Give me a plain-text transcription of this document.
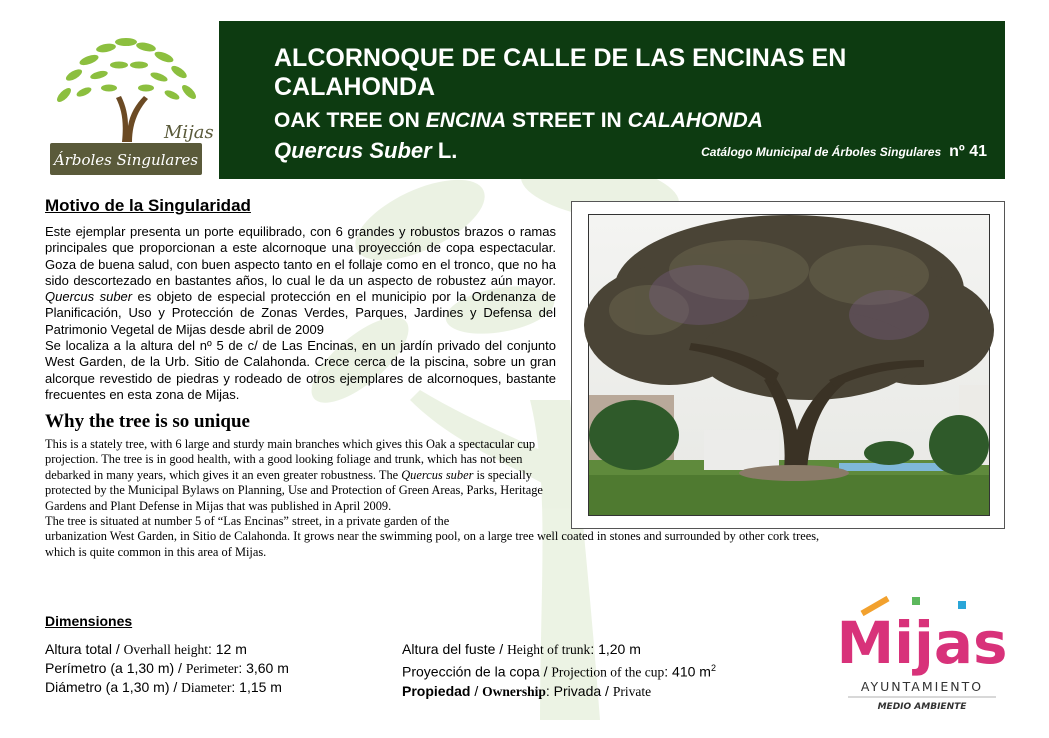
Mijas
Árboles Singulares
ALCORNOQUE DE CALLE DE LAS ENCINAS EN CALAHONDA
OAK TREE ON ENCINA STREET IN CALAHONDA
Quercus Suber L.	Catálogo Municipal de Árboles Singulares nº 41
Motivo de la Singularidad

Este ejemplar presenta un porte equilibrado, con 6 grandes y robustos brazos o ramas principales que proporcionan a este alcornoque una proyección de copa espectacular. Goza de buena salud, con buen aspecto tanto en el follaje como en el tronco, que no ha sido descortezado en bastantes años, lo cual le da un aspecto de robustez aún mayor. Quercus suber es objeto de especial protección en el municipio por la Ordenanza de Planificación, Uso y Protección de Zonas Verdes, Parques, Jardines y Defensa del Patrimonio Vegetal de Mijas desde abril de 2009

Se localiza a la altura del nº 5 de c/ de Las Encinas, en un jardín privado del conjunto West Garden, de la Urb. Sitio de Calahonda. Crece cerca de la piscina, sobre un gran alcorque revestido de piedras y rodeado de otros ejemplares de alcornoques, bastante frecuentes en esta zona de Mijas.

Why the tree is so unique

This is a stately tree, with 6 large and sturdy main branches which gives this Oak a spectacular cup projection. The tree is in good health, with a good looking foliage and trunk, which has not been debarked in many years, which gives it an even greater robustness. The Quercus suber is specially protected by the Municipal Bylaws on Planning, Use and Protection of Green Areas, Parks, Heritage Gardens and Plant Defense in Mijas that was published in April 2009.

The tree is situated at number 5 of “Las Encinas” street, in a private garden of the
urbanization West Garden, in Sitio de Calahonda. It grows near the swimming pool, on a large tree well coated in stones and surrounded by other cork trees, which is quite common in this area of Mijas.

Dimensiones
Altura total / Overhall height: 12 m
Perímetro (a 1,30 m) / Perimeter: 3,60 m
Diámetro (a 1,30 m) / Diameter: 1,15 m
Altura del fuste / Height of trunk: 1,20 m
Proyección de la copa / Projection of the cup: 410 $m^2$
Propiedad / Ownership: Privada / Private
Mijas
AYUNTAMIENTO
MEDIO AMBIENTE
